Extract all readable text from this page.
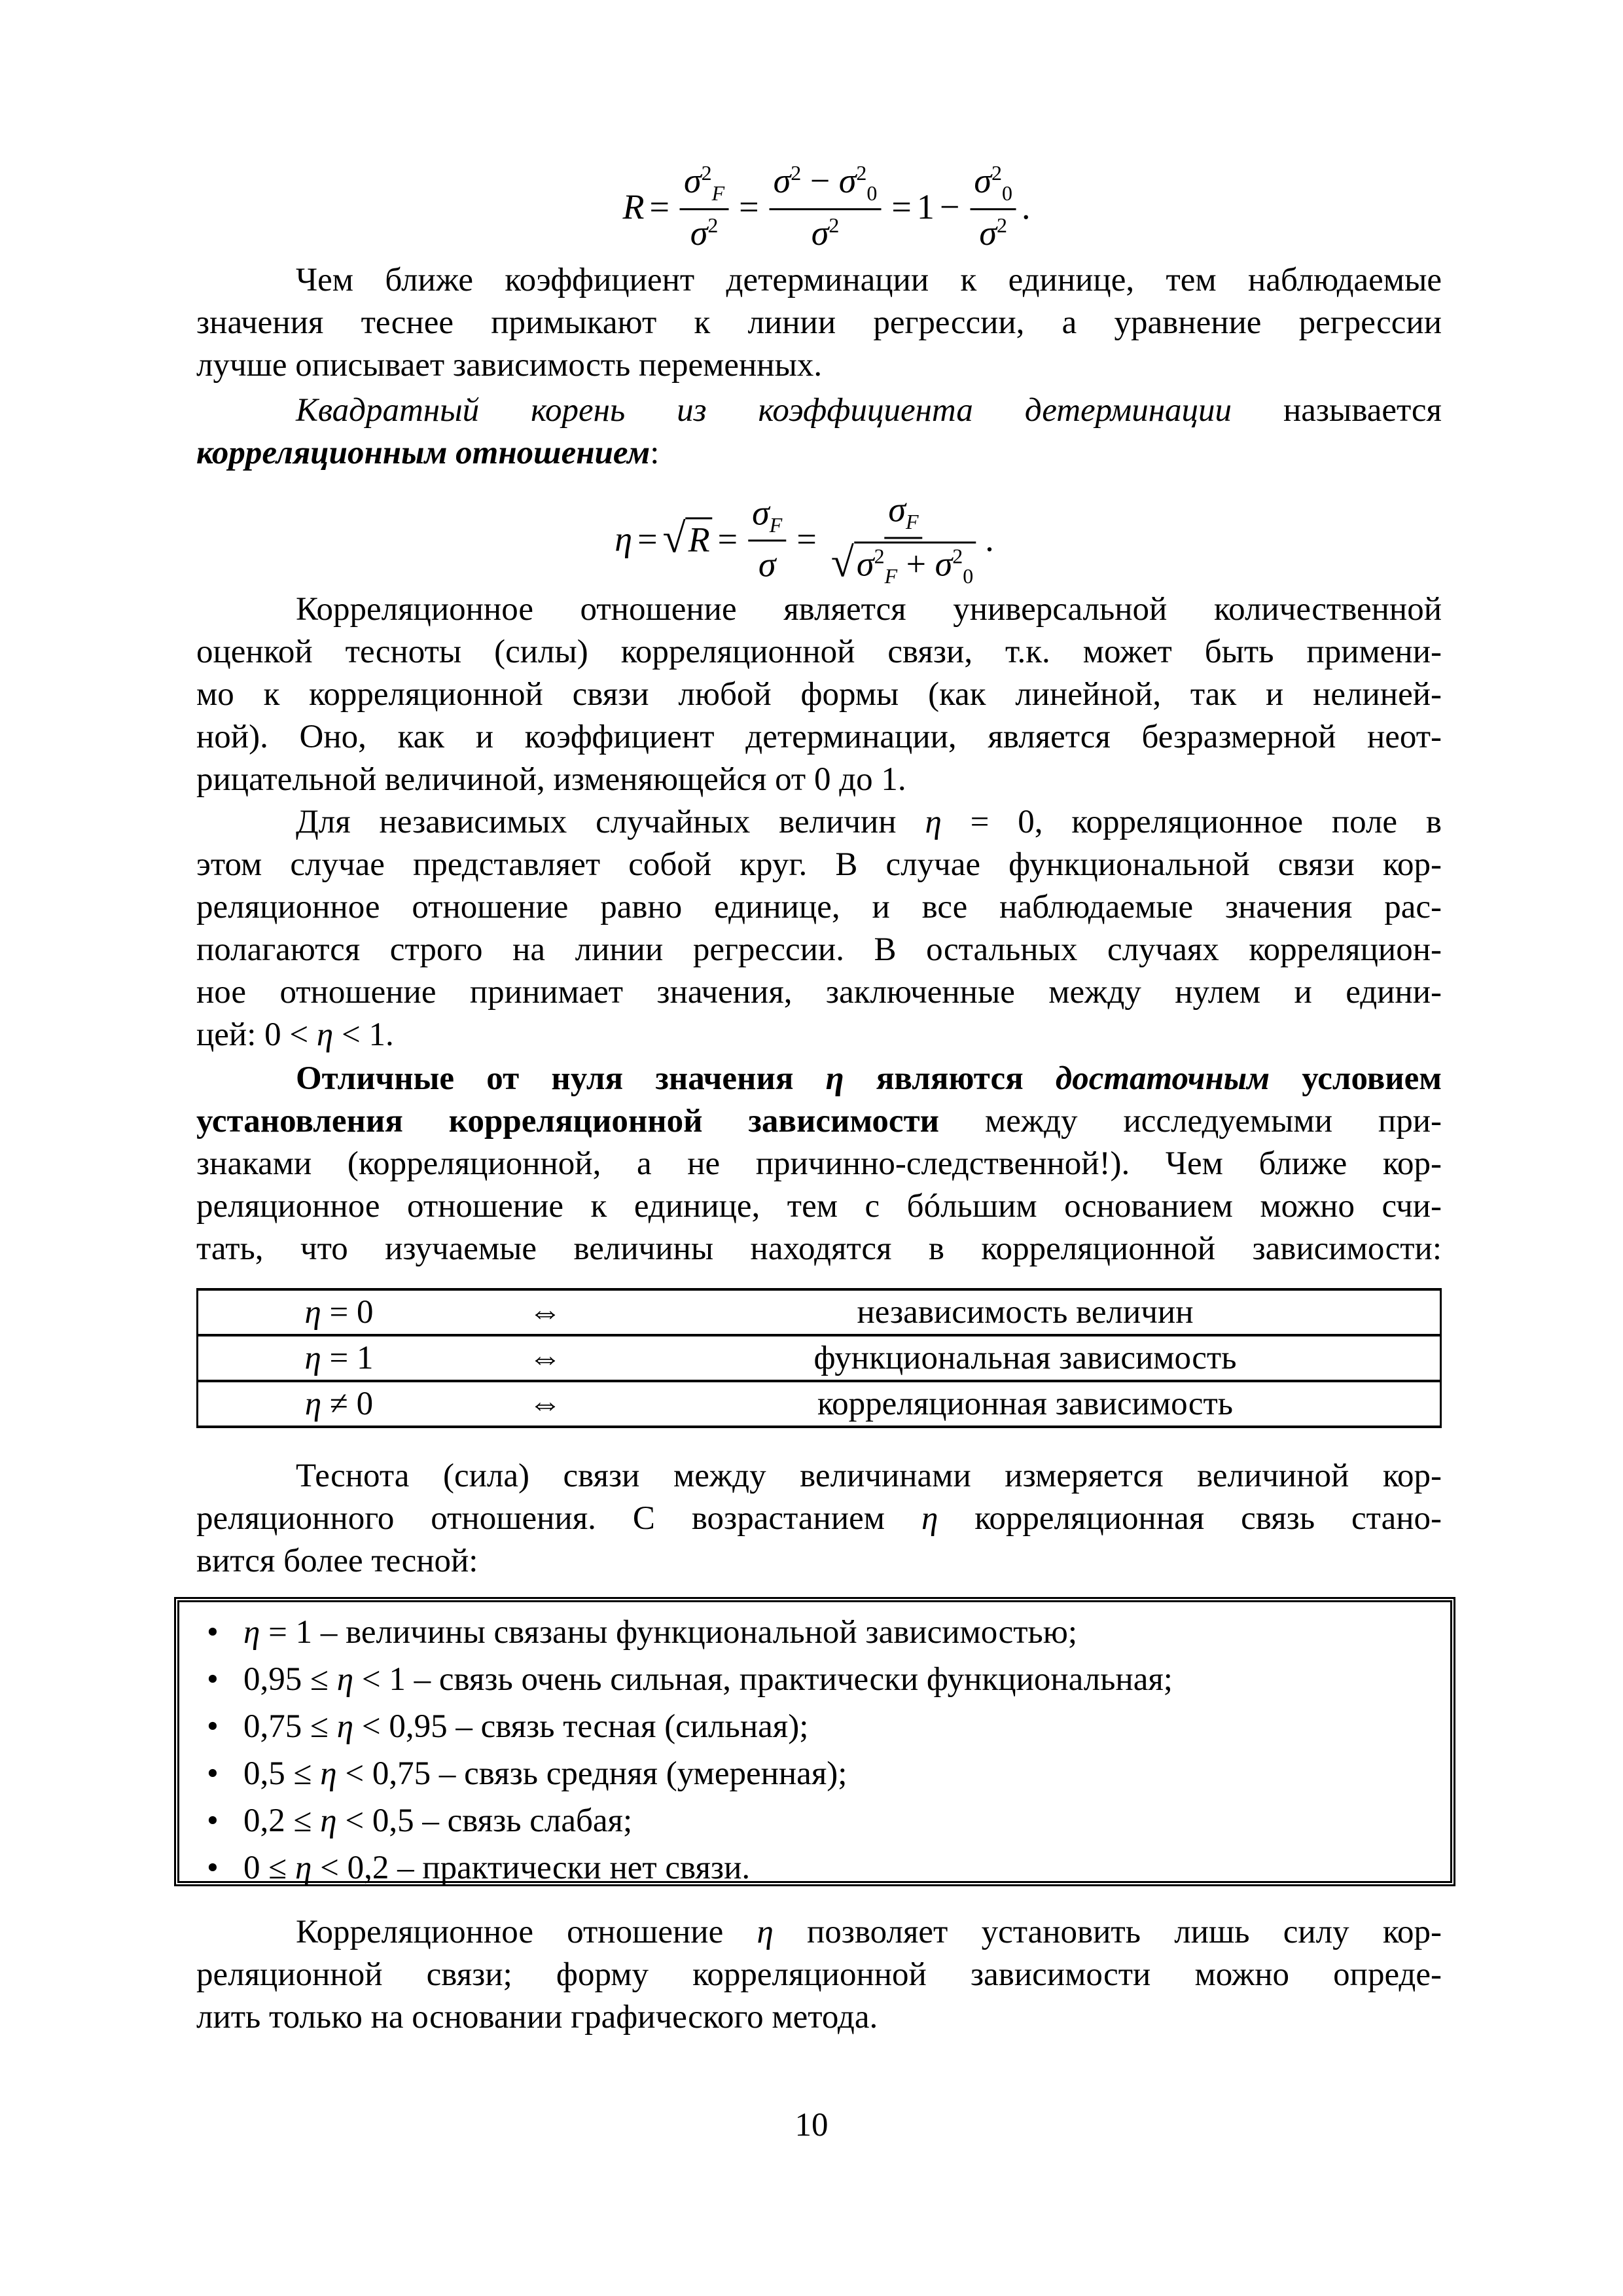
$R = \frac{\sigma^2_F}{\sigma^2} = \frac{\sigma^2 - \sigma^2_0}{\sigma^2} = 1 - \frac{\sigma^2_0}{\sigma^2}$ .
η = √ $R = \frac{\sigma_F}{\sigma} = \frac{\sigma_F}{√ \sigma^2_F + \sigma^2_0}$ .
Чем ближе коэффициент детерминации к единице, тем наблюдаемые
значения теснее примыкают к линии регрессии, а уравнение регрессии
лучше описывает зависимость переменных.
Квадратный корень из коэффициента детерминации называется
корреляционным отношением:
Корреляционное отношение является универсальной количественной
оценкой тесноты (силы) корреляционной связи, т.к. может быть примени-
мо к корреляционной связи любой формы (как линейной, так и нелиней-
ной). Оно, как и коэффициент детерминации, является безразмерной неот-
рицательной величиной, изменяющейся от 0 до 1.
Для независимых случайных величин η = 0, корреляционное поле в
этом случае представляет собой круг. В случае функциональной связи кор-
реляционное отношение равно единице, и все наблюдаемые значения рас-
полагаются строго на линии регрессии. В остальных случаях корреляцион-
ное отношение принимает значения, заключенные между нулем и едини-
цей: 0 < η < 1.
Отличные от нуля значения η являются достаточным условием
установления корреляционной зависимости между исследуемыми при-
знаками (корреляционной, а не причинно-следственной!). Чем ближе кор-
реляционное отношение к единице, тем с бóльшим основанием можно счи-
тать, что изучаемые величины находятся в корреляционной зависимости:
Теснота (сила) связи между величинами измеряется величиной кор-
реляционного отношения. С возрастанием η корреляционная связь стано-
вится более тесной:
Корреляционное отношение η позволяет установить лишь силу кор-
реляционной связи; форму корреляционной зависимости можно опреде-
лить только на основании графического метода.
η = 0	⇔	независимость величин
η = 1	⇔	функциональная зависимость
η ≠ 0	⇔	корреляционная зависимость
• η = 1 – величины связаны функциональной зависимостью;
• 0,95 ≤ η < 1 – связь очень сильная, практически функциональная;
• 0,75 ≤ η < 0,95 – связь тесная (сильная);
• 0,5 ≤ η < 0,75 – связь средняя (умеренная);
• 0,2 ≤ η < 0,5 – связь слабая;
• 0 ≤ η < 0,2 – практически нет связи.
10
